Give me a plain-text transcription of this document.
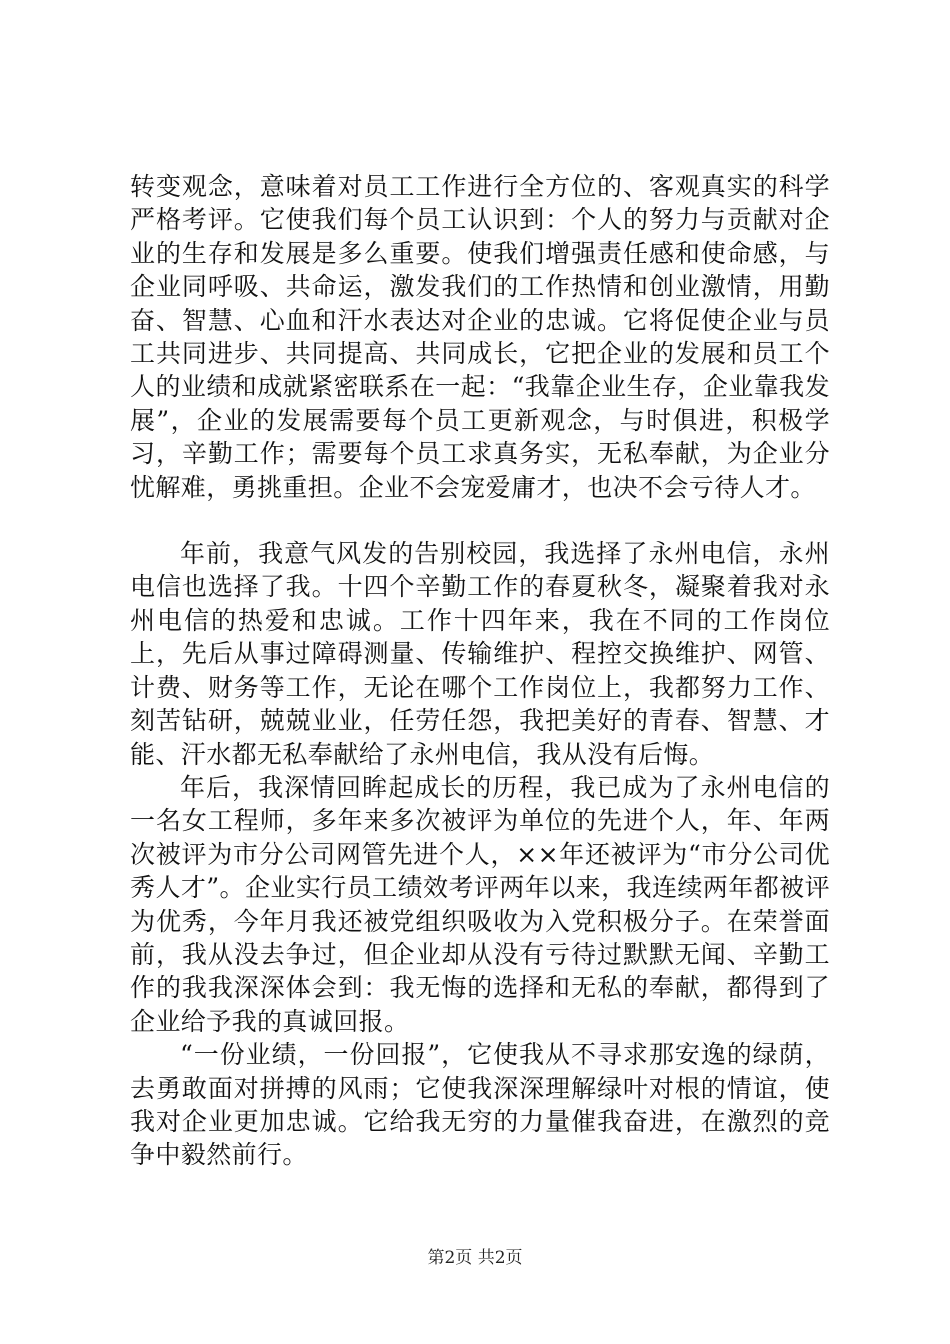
转变观念，意味着对员工工作进行全方位的、客观真实的科学严格考评。它使我们每个员工认识到：个人的努力与贡献对企业的生存和发展是多么重要。使我们增强责任感和使命感，与企业同呼吸、共命运，激发我们的工作热情和创业激情，用勤奋、智慧、心血和汗水表达对企业的忠诚。它将促使企业与员工共同进步、共同提高、共同成长，它把企业的发展和员工个人的业绩和成就紧密联系在一起：“我靠企业生存，企业靠我发展”，企业的发展需要每个员工更新观念，与时俱进，积极学习，辛勤工作；需要每个员工求真务实，无私奉献，为企业分忧解难，勇挑重担。企业不会宠爱庸才，也决不会亏待人才。

年前，我意气风发的告别校园，我选择了永州电信，永州电信也选择了我。十四个辛勤工作的春夏秋冬，凝聚着我对永州电信的热爱和忠诚。工作十四年来，我在不同的工作岗位上，先后从事过障碍测量、传输维护、程控交换维护、网管、计费、财务等工作，无论在哪个工作岗位上，我都努力工作、刻苦钻研，兢兢业业，任劳任怨，我把美好的青春、智慧、才能、汗水都无私奉献给了永州电信，我从没有后悔。

年后，我深情回眸起成长的历程，我已成为了永州电信的一名女工程师，多年来多次被评为单位的先进个人，年、年两次被评为市分公司网管先进个人，××年还被评为“市分公司优秀人才”。企业实行员工绩效考评两年以来，我连续两年都被评为优秀，今年月我还被党组织吸收为入党积极分子。在荣誉面前，我从没去争过，但企业却从没有亏待过默默无闻、辛勤工作的我我深深体会到：我无悔的选择和无私的奉献，都得到了企业给予我的真诚回报。

“一份业绩，一份回报”，它使我从不寻求那安逸的绿荫，去勇敢面对拼搏的风雨；它使我深深理解绿叶对根的情谊，使我对企业更加忠诚。它给我无穷的力量催我奋进，在激烈的竞争中毅然前行。

第2页 共2页
